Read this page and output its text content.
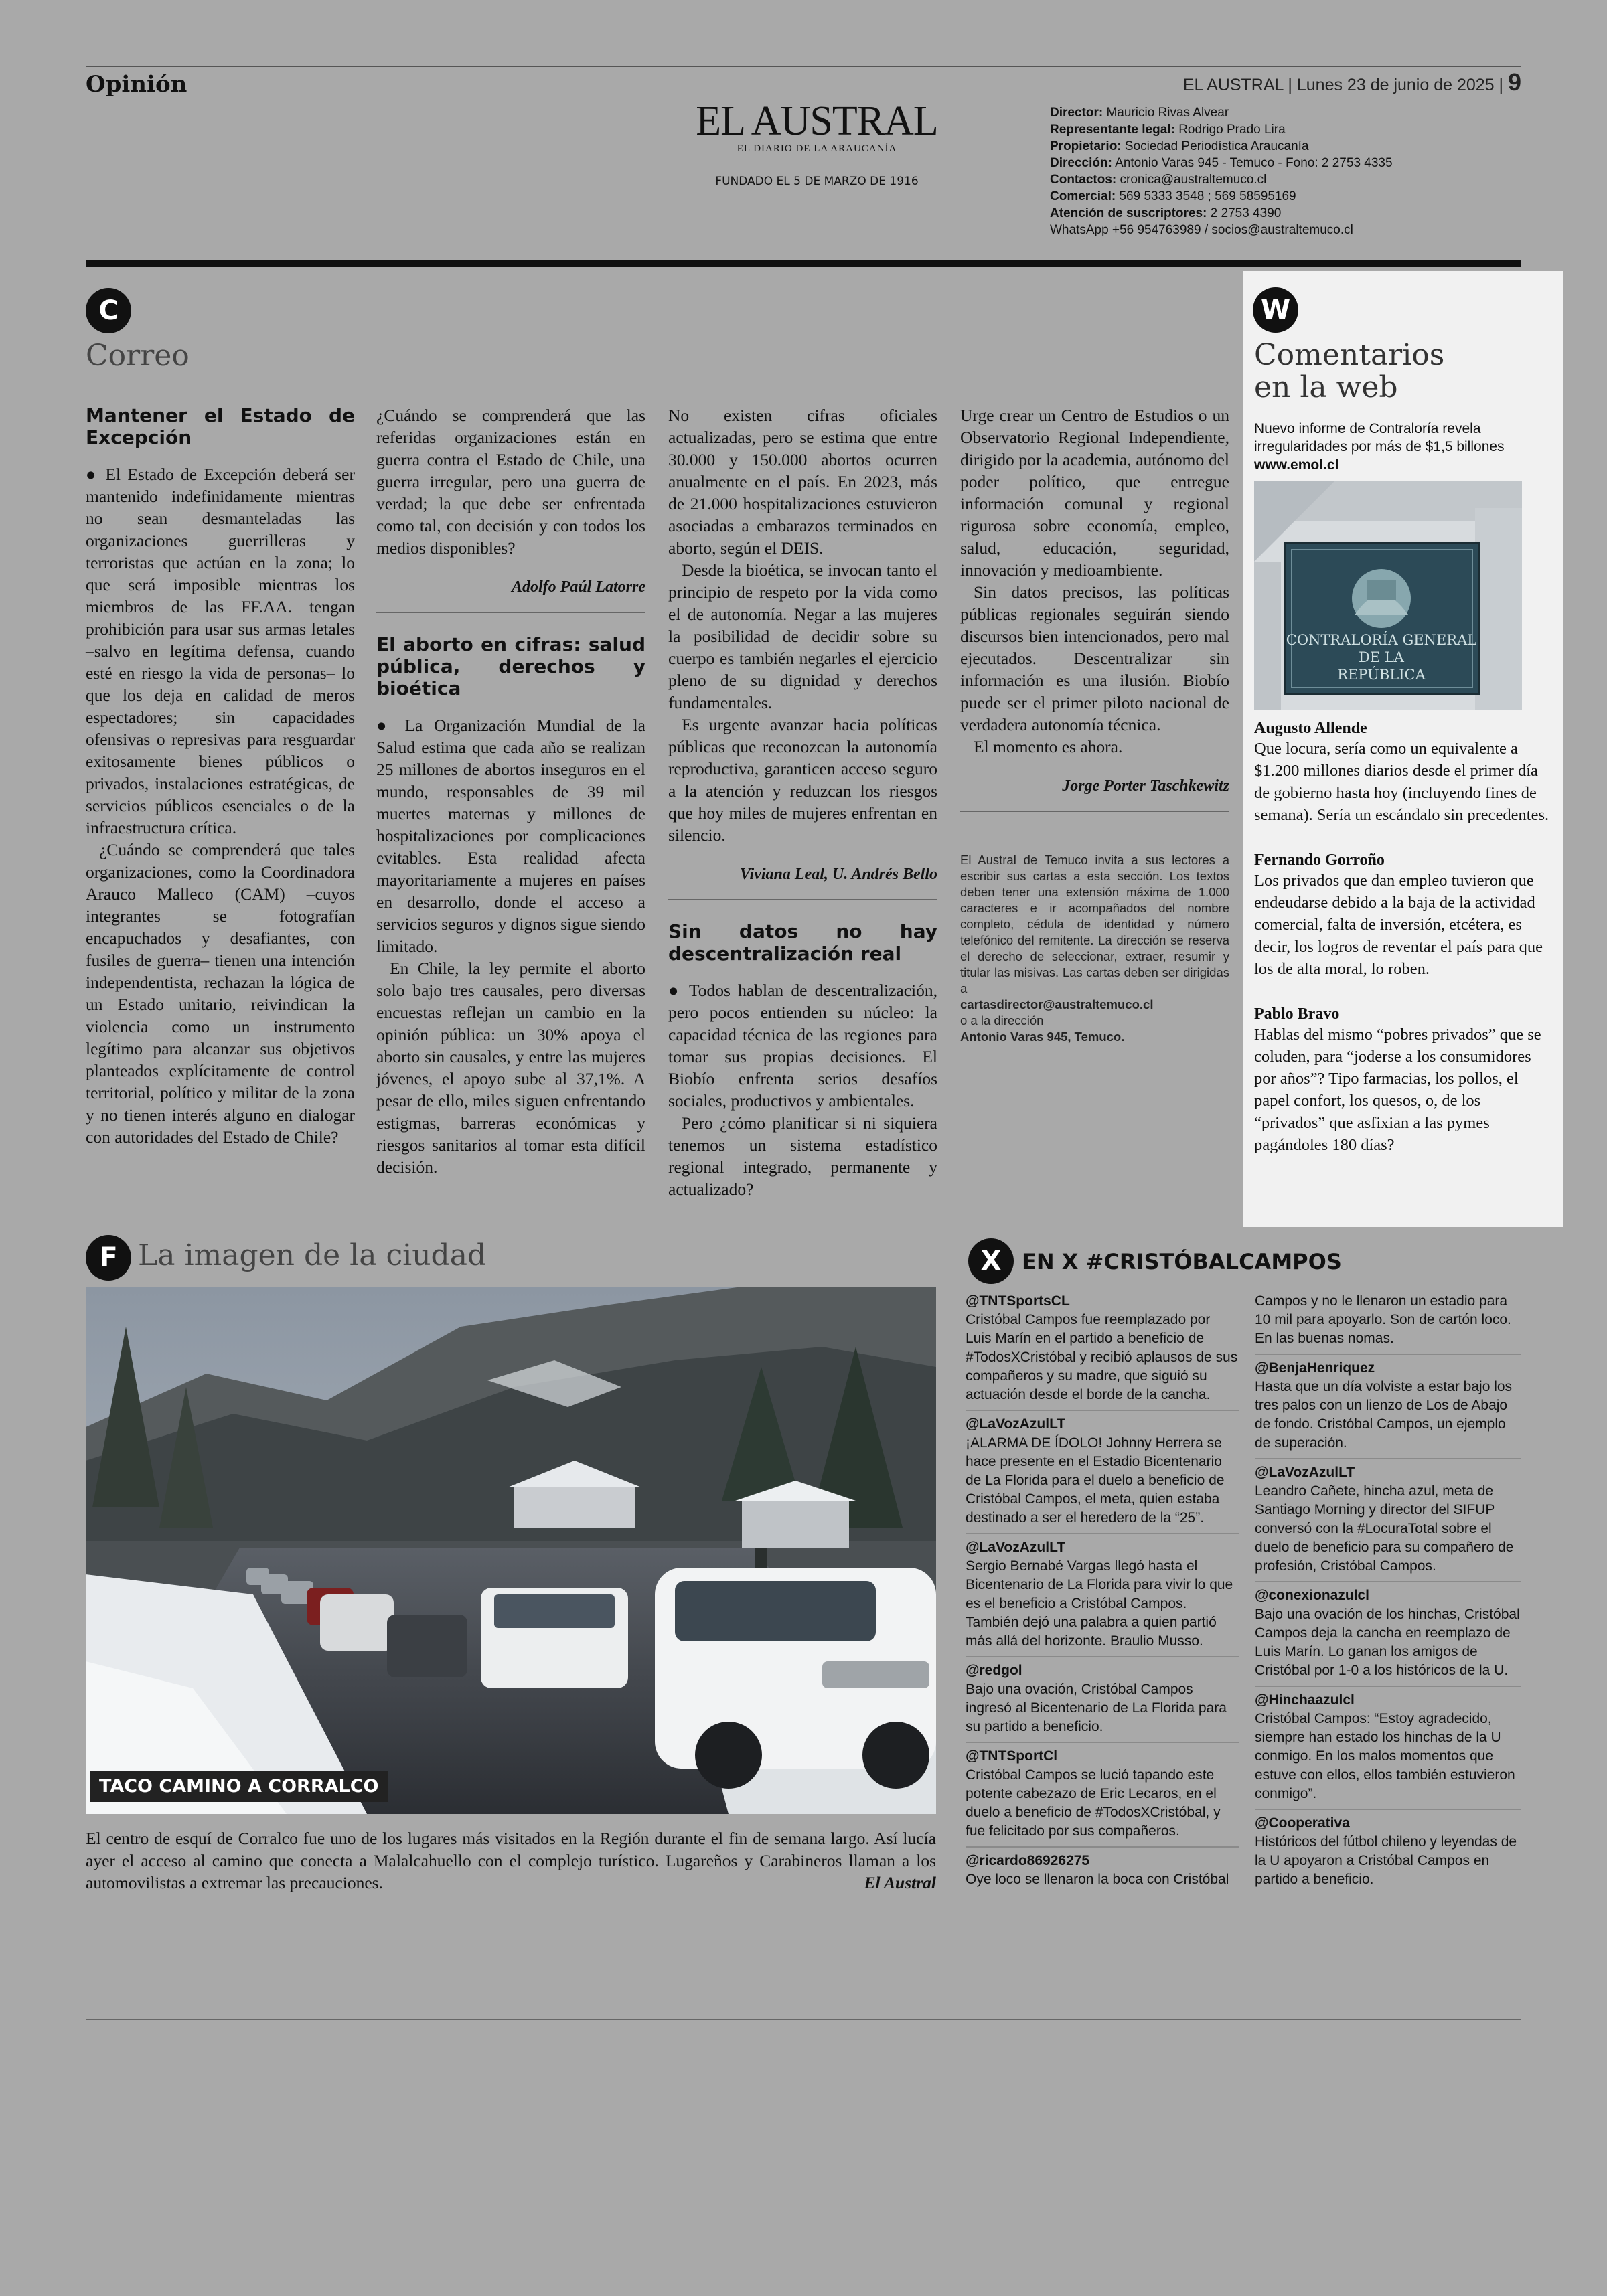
Opinión	EL AUSTRAL | Lunes 23 de junio de 2025 | 9
EL AUSTRAL
EL DIARIO DE LA ARAUCANÍA
FUNDADO EL 5 DE MARZO DE 1916
Director: Mauricio Rivas Alvear
Representante legal: Rodrigo Prado Lira
Propietario: Sociedad Periodística Araucanía
Dirección: Antonio Varas 945 - Temuco - Fono: 2 2753 4335
Contactos: cronica@australtemuco.cl
Comercial: 569 5333 3548 ; 569 58595169
Atención de suscriptores: 2 2753 4390
WhatsApp +56 954763989 / socios@australtemuco.cl
C
Correo
Mantener el Estado de Excepción

● El Estado de Excepción deberá ser mantenido indefinidamente mientras no sean desmanteladas las organizaciones guerrilleras y terroristas que actúan en la zona; lo que será imposible mientras los miembros de las FF.AA. tengan prohibición para usar sus armas letales –salvo en legítima defensa, cuando esté en riesgo la vida de personas– lo que los deja en calidad de meros espectadores; sin capacidades ofensivas o represivas para resguardar exitosamente bienes públicos o privados, instalaciones estratégicas, de servicios públicos esenciales o de la infraestructura crítica.

¿Cuándo se comprenderá que tales organizaciones, como la Coordinadora Arauco Malleco (CAM) –cuyos integrantes se fotografían encapuchados y desafiantes, con fusiles de guerra– tienen una intención independentista, rechazan la lógica de un Estado unitario, reivindican la violencia como un instrumento legítimo para alcanzar sus objetivos planteados explícitamente de control territorial, político y militar de la zona y no tienen interés alguno en dialogar con autoridades del Estado de Chile?

¿Cuándo se comprenderá que las referidas organizaciones están en guerra contra el Estado de Chile, una guerra irregular, pero una guerra de verdad; la que debe ser enfrentada como tal, con decisión y con todos los medios disponibles?

Adolfo Paúl Latorre
El aborto en cifras: salud pública, derechos y bioética

● La Organización Mundial de la Salud estima que cada año se realizan 25 millones de abortos inseguros en el mundo, responsables de 39 mil muertes maternas y millones de hospitalizaciones por complicaciones evitables. Esta realidad afecta mayoritariamente a mujeres en países en desarrollo, donde el acceso a servicios seguros y dignos sigue siendo limitado.

En Chile, la ley permite el aborto solo bajo tres causales, pero diversas encuestas reflejan un cambio en la opinión pública: un 30% apoya el aborto sin causales, y entre las mujeres jóvenes, el apoyo sube al 37,1%. A pesar de ello, miles siguen enfrentando estigmas, barreras económicas y riesgos sanitarios al tomar esta difícil decisión.

No existen cifras oficiales actualizadas, pero se estima que entre 30.000 y 150.000 abortos ocurren anualmente en el país. En 2023, más de 21.000 hospitalizaciones estuvieron asociadas a embarazos terminados en aborto, según el DEIS.

Desde la bioética, se invocan tanto el principio de respeto por la vida como el de autonomía. Negar a las mujeres la posibilidad de decidir sobre su cuerpo es también negarles el ejercicio pleno de su dignidad y derechos fundamentales.

Es urgente avanzar hacia políticas públicas que reconozcan la autonomía reproductiva, garanticen acceso seguro a la atención y reduzcan los riesgos que hoy miles de mujeres enfrentan en silencio.

Viviana Leal, U. Andrés Bello
Sin datos no hay descentralización real

● Todos hablan de descentralización, pero pocos entienden su núcleo: la capacidad técnica de las regiones para tomar sus propias decisiones. El Biobío enfrenta serios desafíos sociales, productivos y ambientales.

Pero ¿cómo planificar si ni siquiera tenemos un sistema estadístico regional integrado, permanente y actualizado?

Urge crear un Centro de Estudios o un Observatorio Regional Independiente, dirigido por la academia, autónomo del poder político, que entregue información comunal y regional rigurosa sobre economía, empleo, salud, educación, seguridad, innovación y medioambiente.

Sin datos precisos, las políticas públicas regionales seguirán siendo discursos bien intencionados, pero mal ejecutados. Descentralizar sin información es una ilusión. Biobío puede ser el primer piloto nacional de verdadera autonomía técnica.

El momento es ahora.

Jorge Porter Taschkewitz
El Austral de Temuco invita a sus lectores a escribir sus cartas a esta sección. Los textos deben tener una extensión máxima de 1.000 caracteres e ir acompañados del nombre completo, cédula de identidad y número telefónico del remitente. La dirección se reserva el derecho de seleccionar, extraer, resumir y titular las misivas. Las cartas deben ser dirigidas a
cartasdirector@australtemuco.cl
o a la dirección
Antonio Varas 945, Temuco.
W
Comentarios
en la web
Nuevo informe de Contraloría revela irregularidades por más de $1,5 billones
www.emol.cl
CONTRALORÍA GENERAL
DE LA
REPÚBLICA
Augusto Allende
Que locura, sería como un equivalente a $1.200 millones diarios desde el primer día de gobierno hasta hoy (incluyendo fines de semana). Sería un escándalo sin precedentes.
Fernando Gorroño
Los privados que dan empleo tuvieron que endeudarse debido a la baja de la actividad comercial, falta de inversión, etcétera, es decir, los logros de reventar el país para que los de alta moral, lo roben.
Pablo Bravo
Hablas del mismo “pobres privados” que se coluden, para “joderse a los consumidores por años”? Tipo farmacias, los pollos, el papel confort, los quesos, o, de los “privados” que asfixian a las pymes pagándoles 180 días?
F La imagen de la ciudad
TACO CAMINO A CORRALCO
El centro de esquí de Corralco fue uno de los lugares más visitados en la Región durante el fin de semana largo. Así lucía ayer el acceso al camino que conecta a Malalcahuello con el complejo turístico. Lugareños y Carabineros llaman a los automovilistas a extremar las precauciones.	El Austral
X EN X #CRISTÓBALCAMPOS
@TNTSportsCL
Cristóbal Campos fue reemplazado por Luis Marín en el partido a beneficio de #TodosXCristóbal y recibió aplausos de sus compañeros y su madre, que siguió su actuación desde el borde de la cancha.
@LaVozAzulLT
¡ALARMA DE ÍDOLO! Johnny Herrera se hace presente en el Estadio Bicentenario de La Florida para el duelo a beneficio de Cristóbal Campos, el meta, quien estaba destinado a ser el heredero de la “25”.
@LaVozAzulLT
Sergio Bernabé Vargas llegó hasta el Bicentenario de La Florida para vivir lo que es el beneficio a Cristóbal Campos. También dejó una palabra a quien partió más allá del horizonte. Braulio Musso.
@redgol
Bajo una ovación, Cristóbal Campos ingresó al Bicentenario de La Florida para su partido a beneficio.
@TNTSportCl
Cristóbal Campos se lució tapando este potente cabezazo de Eric Lecaros, en el duelo a beneficio de #TodosXCristóbal, y fue felicitado por sus compañeros.
@ricardo86926275
Oye loco se llenaron la boca con Cristóbal
Campos y no le llenaron un estadio para 10 mil para apoyarlo. Son de cartón loco. En las buenas nomas.
@BenjaHenriquez
Hasta que un día volviste a estar bajo los tres palos con un lienzo de Los de Abajo de fondo. Cristóbal Campos, un ejemplo de superación.
@LaVozAzulLT
Leandro Cañete, hincha azul, meta de Santiago Morning y director del SIFUP conversó con la #LocuraTotal sobre el duelo de beneficio para su compañero de profesión, Cristóbal Campos.
@conexionazulcl
Bajo una ovación de los hinchas, Cristóbal Campos deja la cancha en reemplazo de Luis Marín. Lo ganan los amigos de Cristóbal por 1-0 a los históricos de la U.
@Hinchaazulcl
Cristóbal Campos: “Estoy agradecido, siempre han estado los hinchas de la U conmigo. En los malos momentos que estuve con ellos, ellos también estuvieron conmigo”.
@Cooperativa
Históricos del fútbol chileno y leyendas de la U apoyaron a Cristóbal Campos en partido a beneficio.
